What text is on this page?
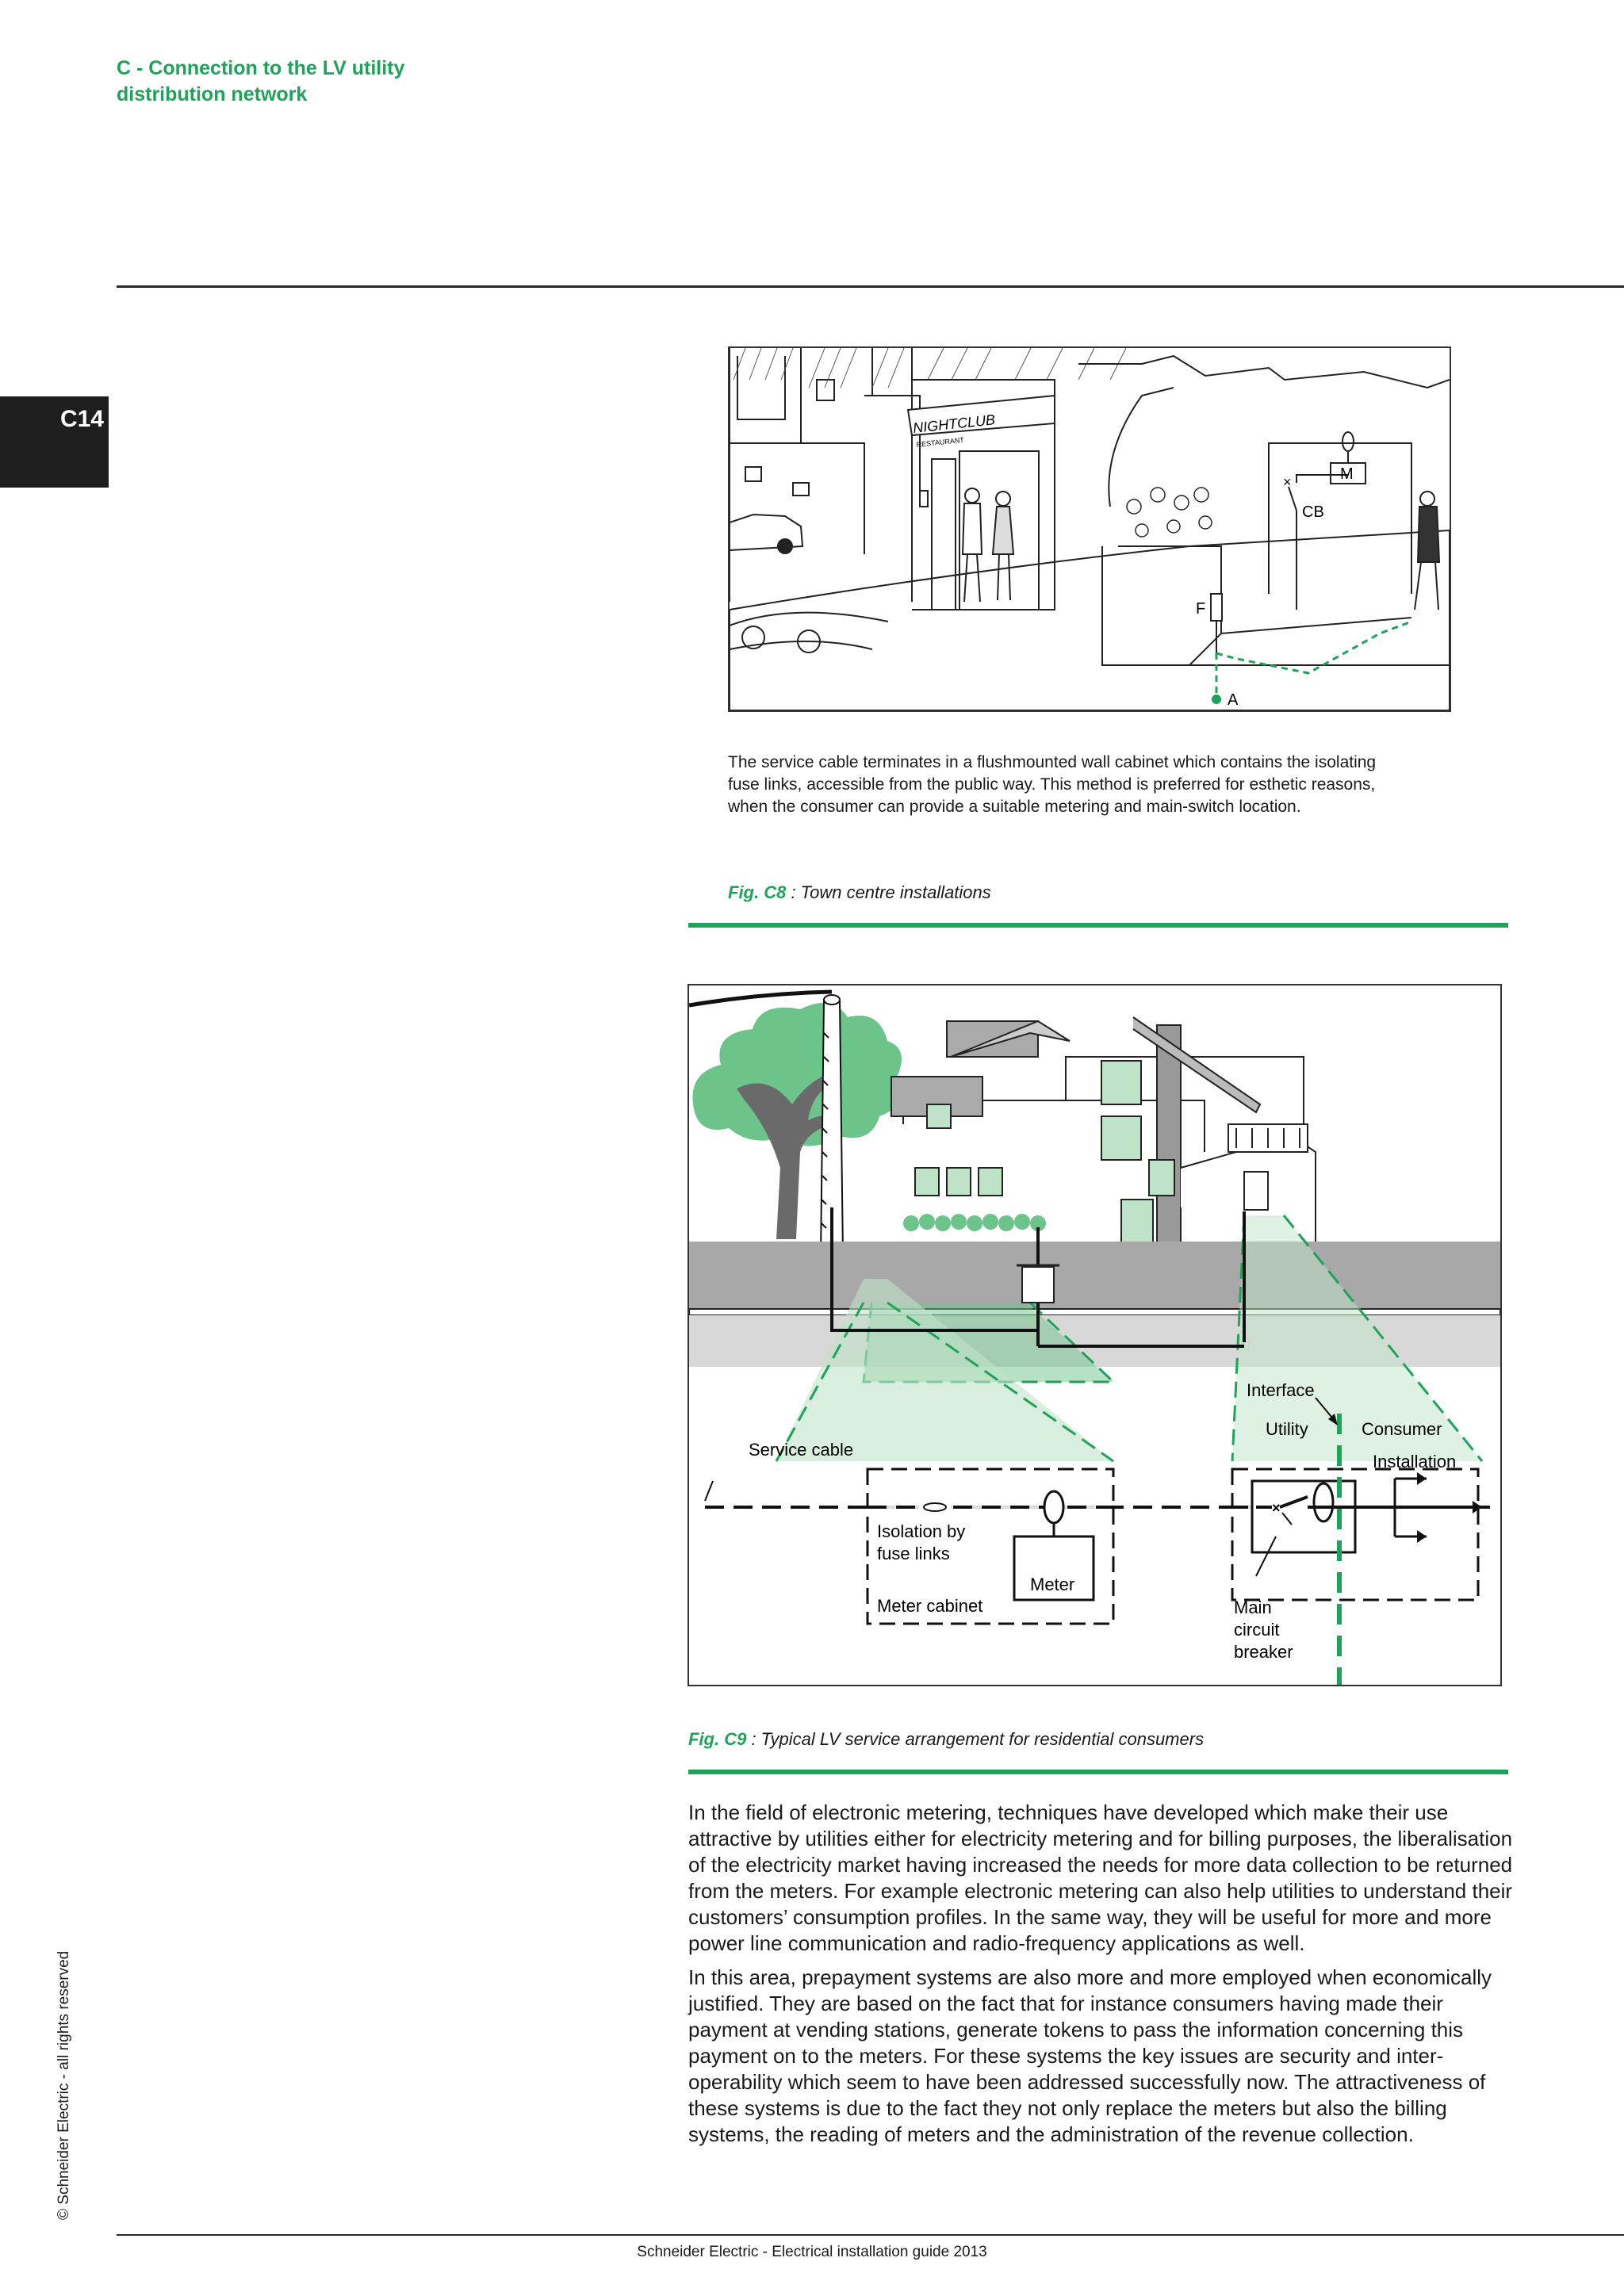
C - Connection to the LV utility
distribution network
C14	NIGHTCLUB
RESTAURANT
×	M
CB
F
A
The service cable terminates in a flushmounted wall cabinet which contains the isolating fuse links, accessible from the public way. This method is preferred for esthetic reasons, when the consumer can provide a suitable metering and main-switch location.
Fig. C8 : Town centre installations
×
Interface
Utility	Consumer
Installation
Service cable
Isolation by
fuse links
Meter
Meter cabinet	Main
circuit
breaker
Fig. C9 : Typical LV service arrangement for residential consumers

In the field of electronic metering, techniques have developed which make their use attractive by utilities either for electricity metering and for billing purposes, the liberalisation of the electricity market having increased the needs for more data collection to be returned from the meters. For example electronic metering can also help utilities to understand their customers’ consumption profiles. In the same way, they will be useful for more and more power line communication and radio-frequency applications as well.

In this area, prepayment systems are also more and more employed when economically justified. They are based on the fact that for instance consumers having made their payment at vending stations, generate tokens to pass the information concerning this payment on to the meters. For these systems the key issues are security and inter-operability which seem to have been addressed successfully now. The attractiveness of these systems is due to the fact they not only replace the meters but also the billing systems, the reading of meters and the administration of the revenue collection.

© Schneider Electric - all rights reserved
Schneider Electric - Electrical installation guide 2013
